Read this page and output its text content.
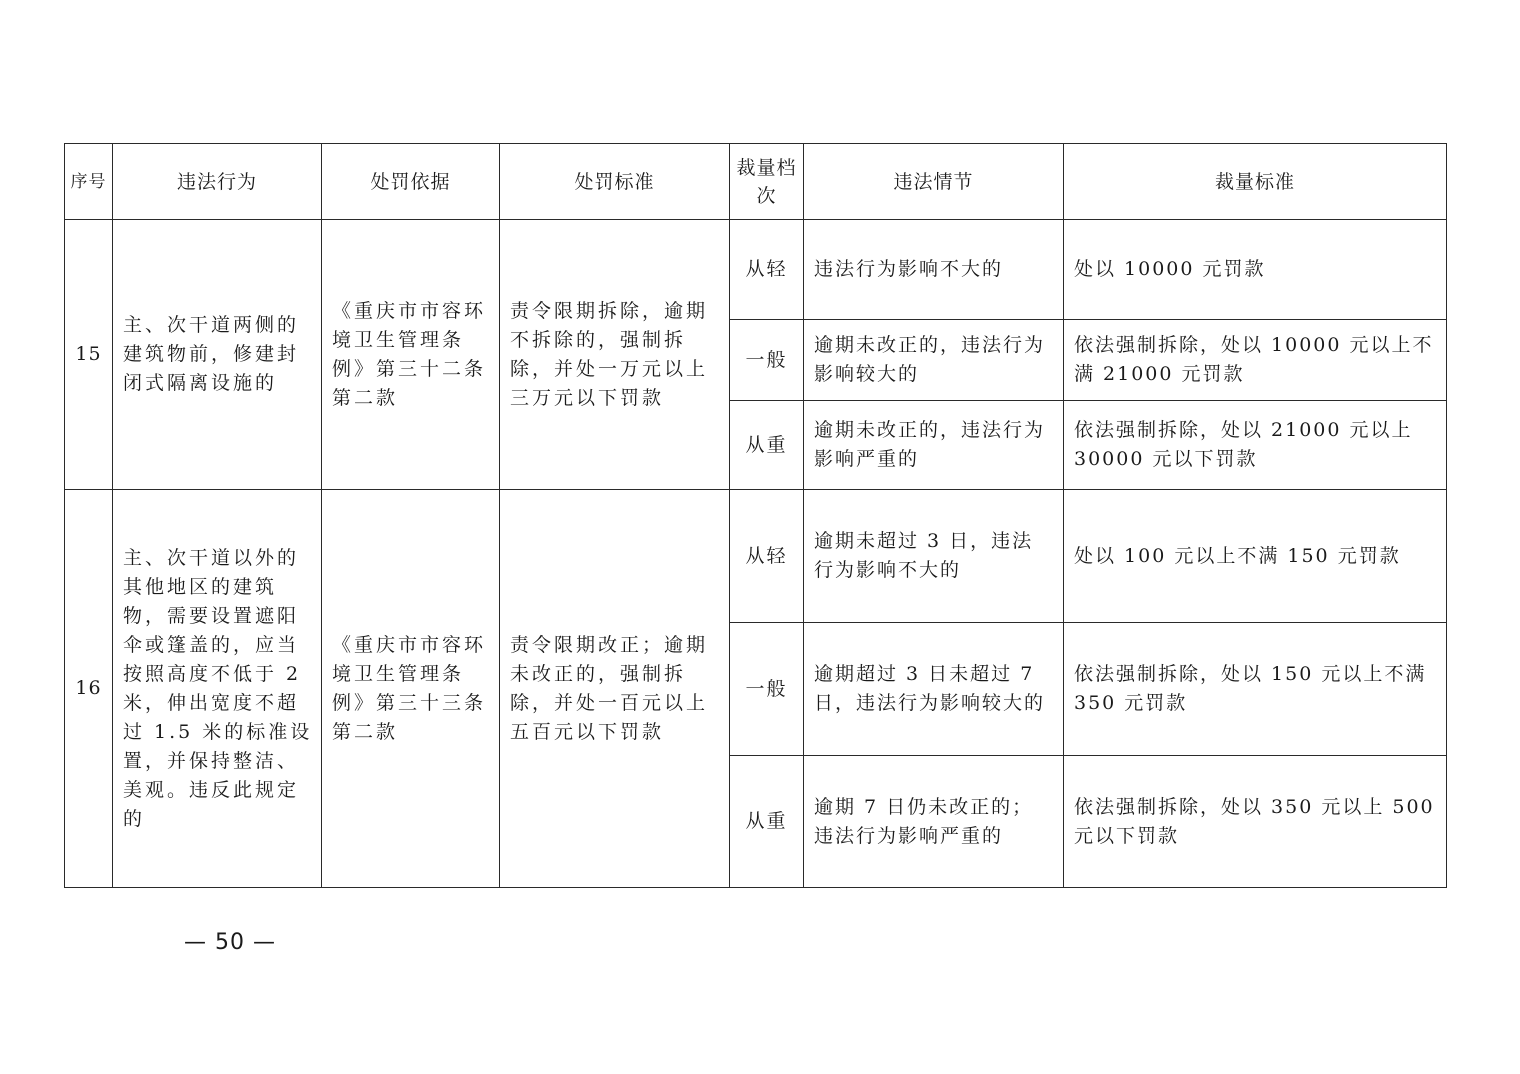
序号	违法行为	处罚依据	处罚标准	裁量档次	违法情节	裁量标准
15	主、次干道两侧的建筑物前，修建封闭式隔离设施的	《重庆市市容环境卫生管理条例》第三十二条第二款	责令限期拆除，逾期不拆除的，强制拆除，并处一万元以上三万元以下罚款	从轻	违法行为影响不大的	处以 10000 元罚款
				一般	逾期未改正的，违法行为影响较大的	依法强制拆除，处以 10000 元以上不满 21000 元罚款
				从重	逾期未改正的，违法行为影响严重的	依法强制拆除，处以 21000 元以上 30000 元以下罚款
16	主、次干道以外的其他地区的建筑物，需要设置遮阳伞或篷盖的，应当按照高度不低于 2 米，伸出宽度不超过 1.5 米的标准设置，并保持整洁、美观。违反此规定的	《重庆市市容环境卫生管理条例》第三十三条第二款	责令限期改正；逾期未改正的，强制拆除，并处一百元以上五百元以下罚款	从轻	逾期未超过 3 日，违法行为影响不大的	处以 100 元以上不满 150 元罚款
				一般	逾期超过 3 日未超过 7 日，违法行为影响较大的	依法强制拆除，处以 150 元以上不满 350 元罚款
				从重	逾期 7 日仍未改正的；违法行为影响严重的	依法强制拆除，处以 350 元以上 500 元以下罚款
— 50 —
